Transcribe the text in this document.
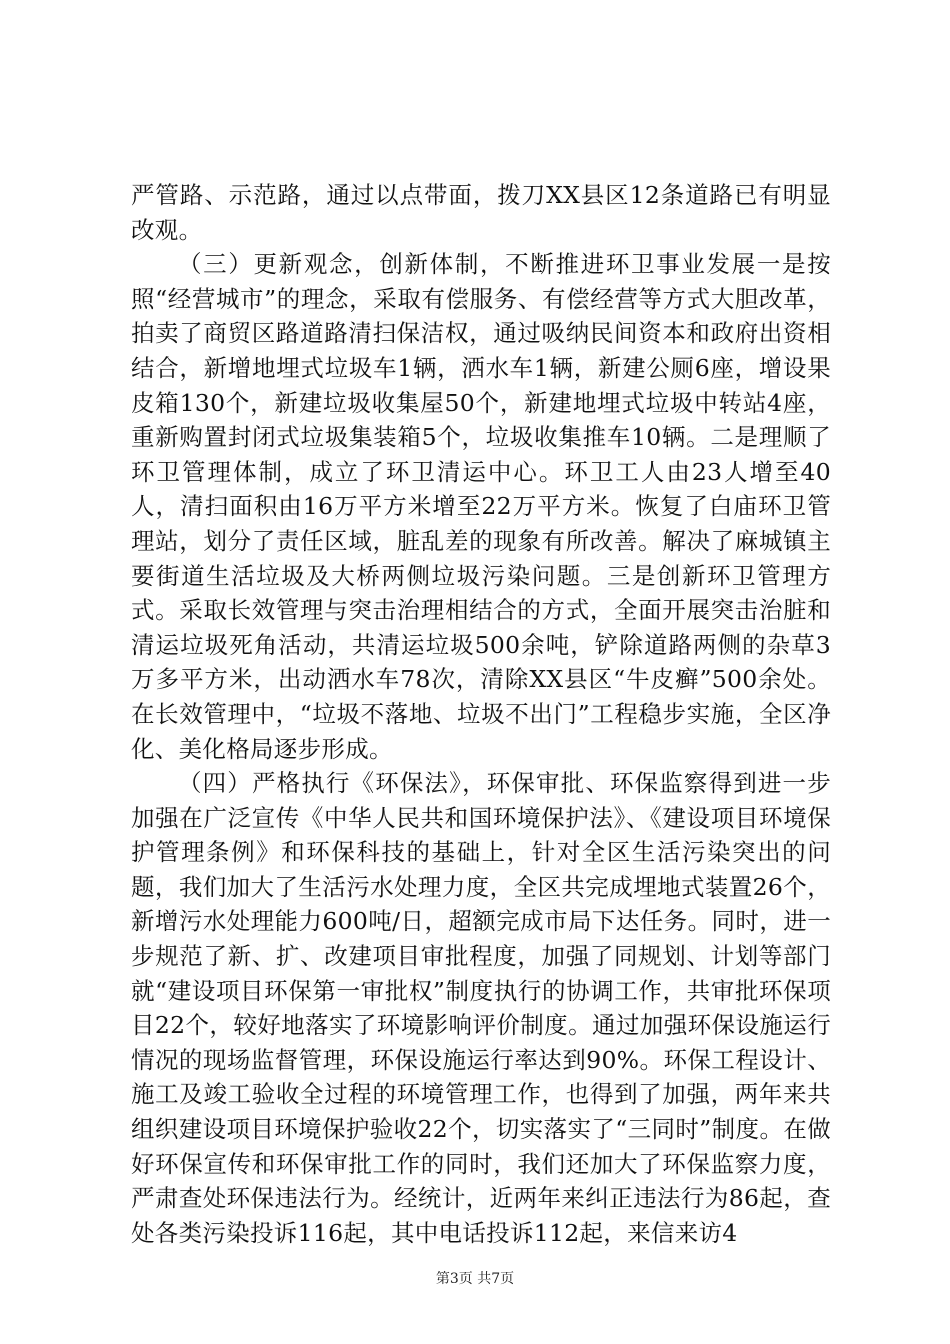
严管路、示范路，通过以点带面，拨刀XX县区12条道路已有明显改观。

（三）更新观念，创新体制，不断推进环卫事业发展一是按照“经营城市”的理念，采取有偿服务、有偿经营等方式大胆改革，拍卖了商贸区路道路清扫保洁权，通过吸纳民间资本和政府出资相结合，新增地埋式垃圾车1辆，洒水车1辆，新建公厕6座，增设果皮箱130个，新建垃圾收集屋50个，新建地埋式垃圾中转站4座，重新购置封闭式垃圾集装箱5个，垃圾收集推车10辆。二是理顺了环卫管理体制，成立了环卫清运中心。环卫工人由23人增至40人，清扫面积由16万平方米增至22万平方米。恢复了白庙环卫管理站，划分了责任区域，脏乱差的现象有所改善。解决了麻城镇主要街道生活垃圾及大桥两侧垃圾污染问题。三是创新环卫管理方式。采取长效管理与突击治理相结合的方式，全面开展突击治脏和清运垃圾死角活动，共清运垃圾500余吨，铲除道路两侧的杂草3万多平方米，出动洒水车78次，清除XX县区“牛皮癣”500余处。在长效管理中，“垃圾不落地、垃圾不出门”工程稳步实施，全区净化、美化格局逐步形成。

（四）严格执行《环保法》，环保审批、环保监察得到进一步加强在广泛宣传《中华人民共和国环境保护法》、《建设项目环境保护管理条例》和环保科技的基础上，针对全区生活污染突出的问题，我们加大了生活污水处理力度，全区共完成埋地式装置26个，新增污水处理能力600吨/日，超额完成市局下达任务。同时，进一步规范了新、扩、改建项目审批程度，加强了同规划、计划等部门就“建设项目环保第一审批权”制度执行的协调工作，共审批环保项目22个，较好地落实了环境影响评价制度。通过加强环保设施运行情况的现场监督管理，环保设施运行率达到90%。环保工程设计、施工及竣工验收全过程的环境管理工作，也得到了加强，两年来共组织建设项目环境保护验收22个，切实落实了“三同时”制度。在做好环保宣传和环保审批工作的同时，我们还加大了环保监察力度，严肃查处环保违法行为。经统计，近两年来纠正违法行为86起，查处各类污染投诉116起，其中电话投诉112起，来信来访4

第3页 共7页
